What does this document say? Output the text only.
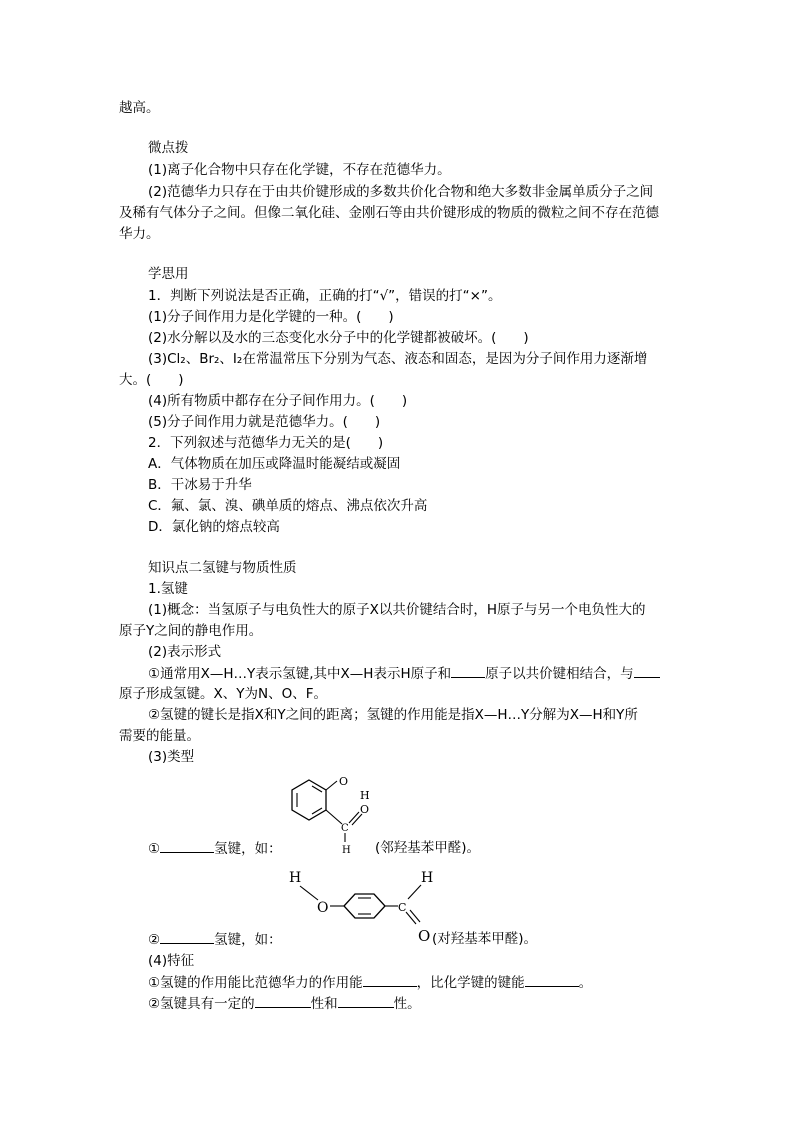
越高。
微点拨
(1)离子化合物中只存在化学键，不存在范德华力。
(2)范德华力只存在于由共价键形成的多数共价化合物和绝大多数非金属单质分子之间
及稀有气体分子之间。但像二氧化硅、金刚石等由共价键形成的物质的微粒之间不存在范德
华力。
学思用
1．判断下列说法是否正确，正确的打“√”，错误的打“×”。
(1)分子间作用力是化学键的一种。(　　)
(2)水分解以及水的三态变化水分子中的化学键都被破坏。(　　)
(3)Cl₂、Br₂、I₂在常温常压下分别为气态、液态和固态，是因为分子间作用力逐渐增
大。(　　)
(4)所有物质中都存在分子间作用力。(　　)
(5)分子间作用力就是范德华力。(　　)
2．下列叙述与范德华力无关的是(　　)
A．气体物质在加压或降温时能凝结或凝固
B．干冰易于升华
C．氟、氯、溴、碘单质的熔点、沸点依次升高
D．氯化钠的熔点较高
知识点二氢键与物质性质
1.氢键
(1)概念：当氢原子与电负性大的原子X以共价键结合时，H原子与另一个电负性大的
原子Y之间的静电作用。
(2)表示形式
①通常用X—H…Y表示氢键,其中X—H表示H原子和	原子以共价键相结合，与
原子形成氢键。X、Y为N、O、F。
②氢键的键长是指X和Y之间的距离；氢键的作用能是指X—H…Y分解为X—H和Y所
需要的能量。
(3)类型
O
H
C
O
H
①	氢键，如：	(邻羟基苯甲醛)。
H
O	C
H
②	氢键，如：	O (对羟基苯甲醛)。
(4)特征
①氢键的作用能比范德华力的作用能	，比化学键的键能	。
②氢键具有一定的	性和	性。
